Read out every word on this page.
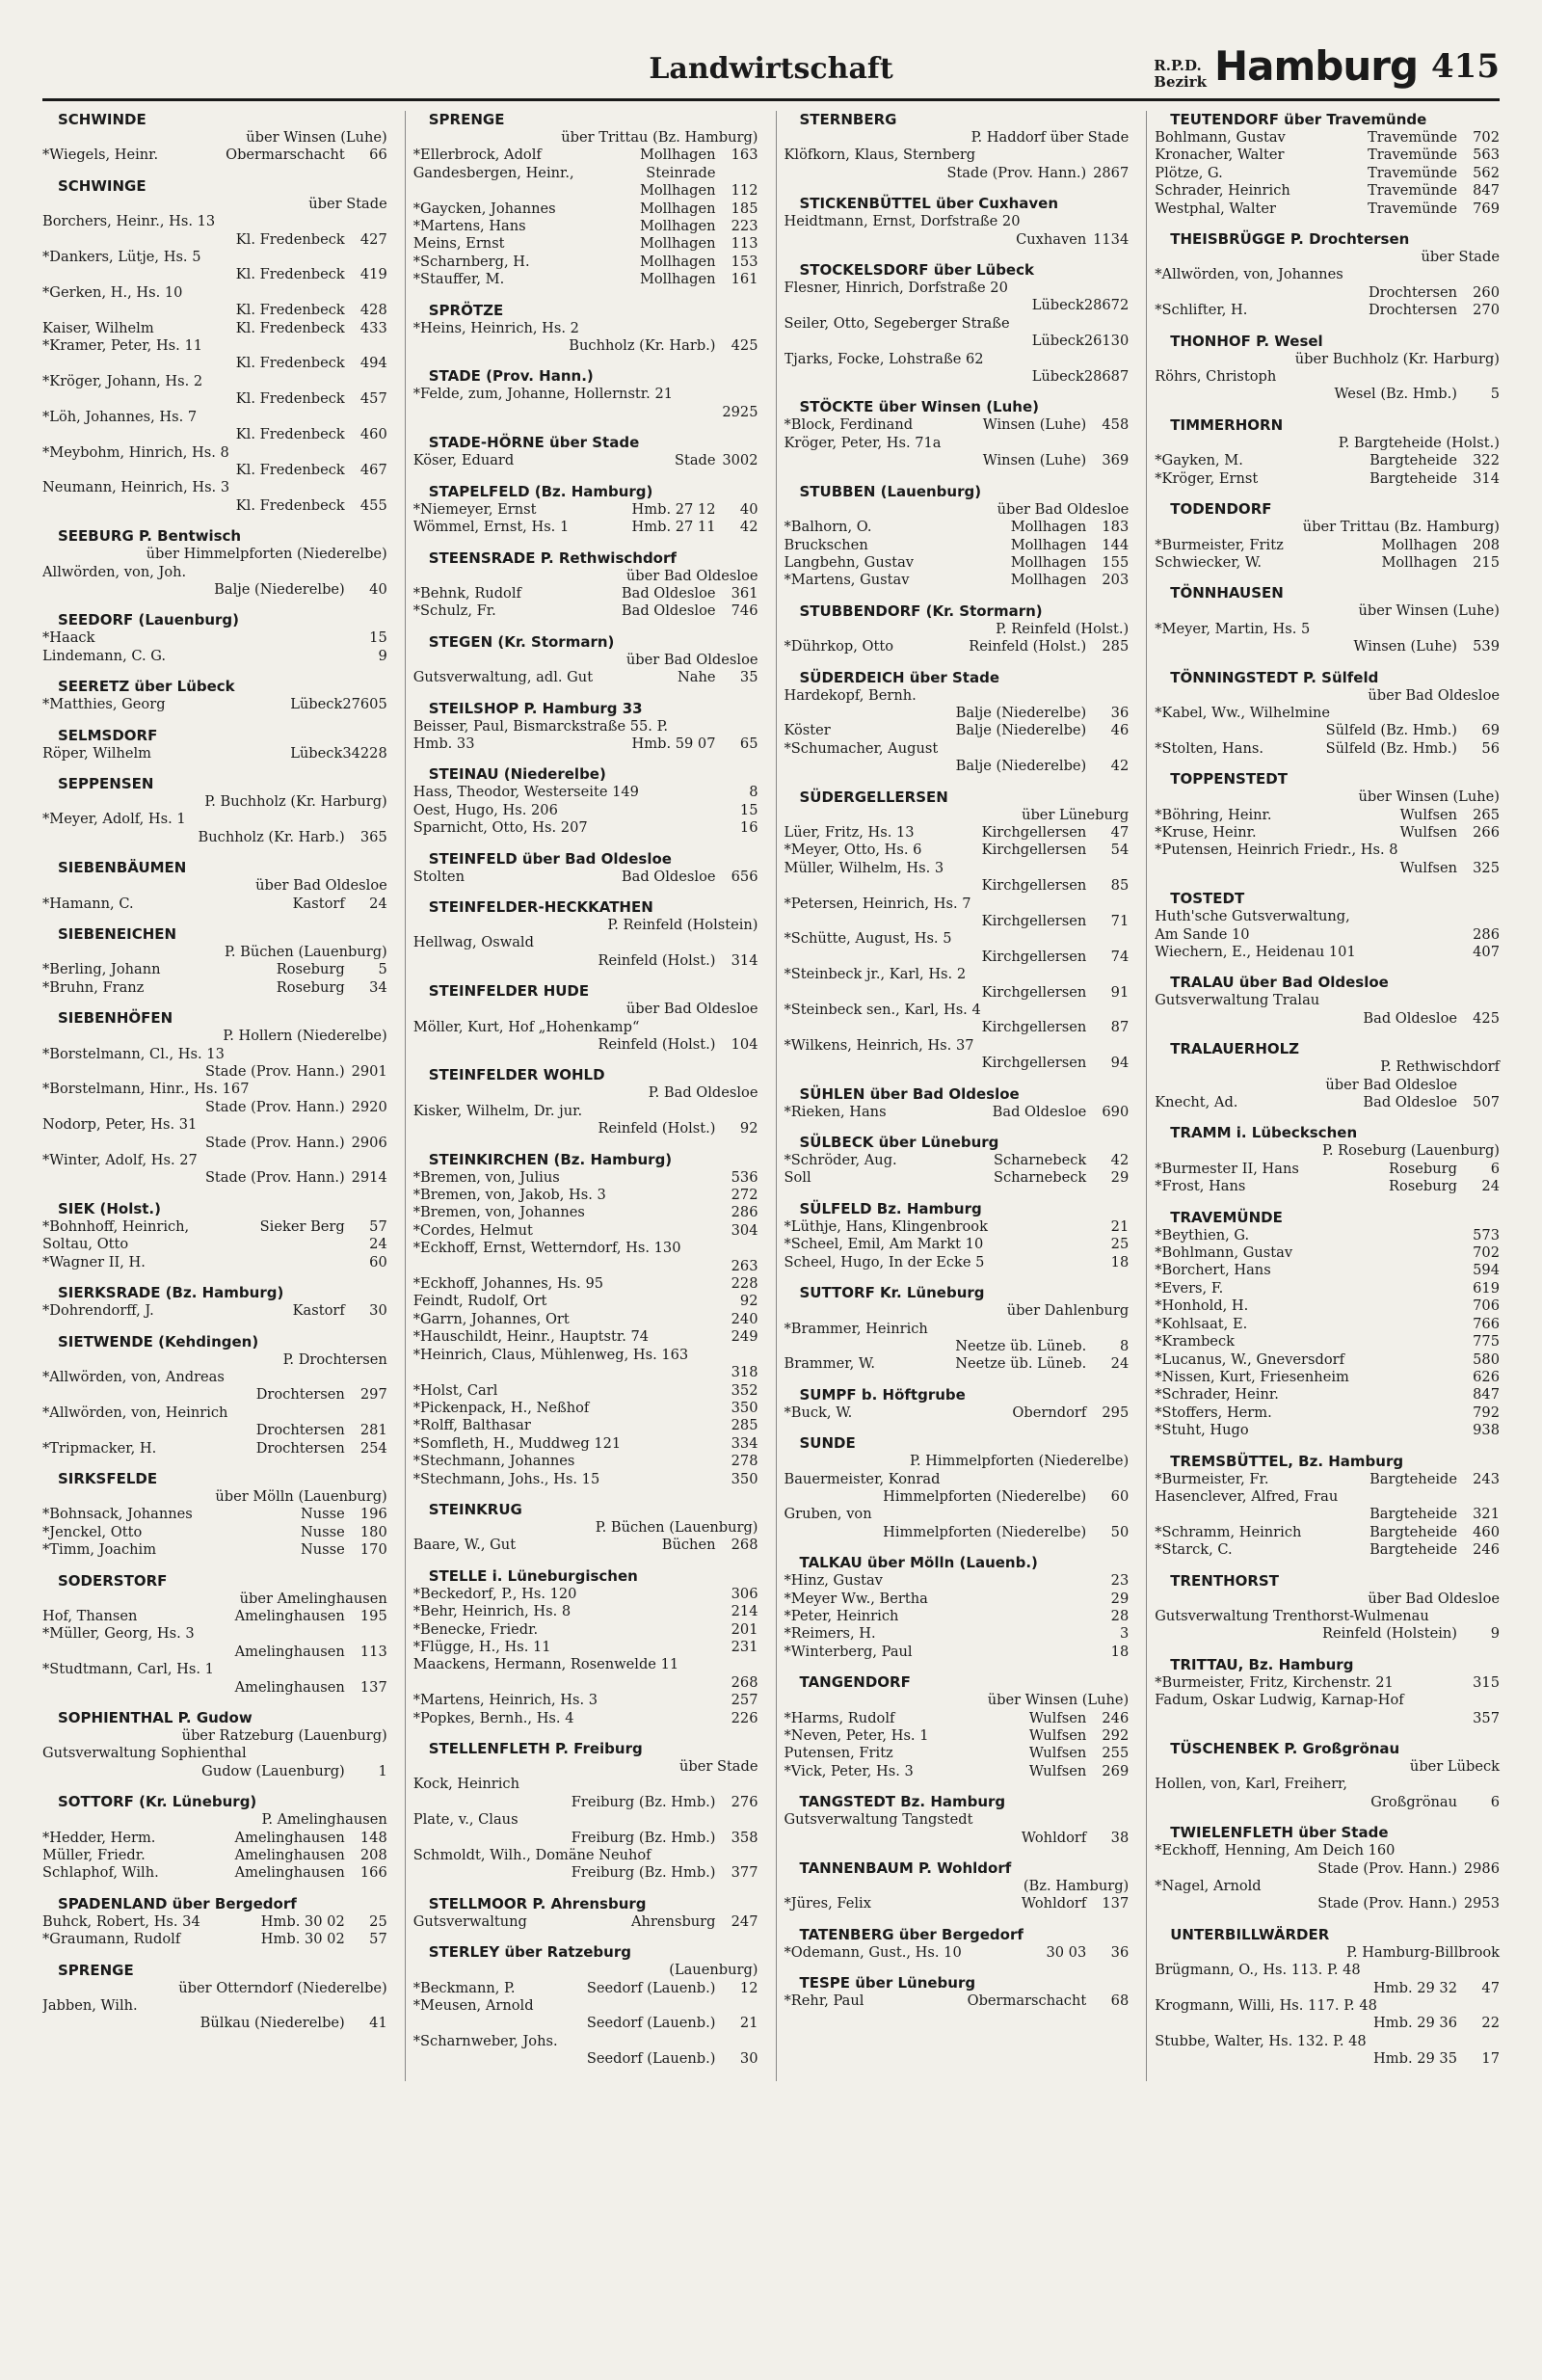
Landwirtschaft	R.P.D.
Bezirk Hamburg 415
SCHWINDE
über Winsen (Luhe)
*Wiegels, Heinr.	Obermarschacht	66
SCHWINGE
über Stade
Borchers, Heinr., Hs. 13
Kl. Fredenbeck	427
*Dankers, Lütje, Hs. 5
Kl. Fredenbeck	419
*Gerken, H., Hs. 10
Kl. Fredenbeck	428
Kaiser, Wilhelm	Kl. Fredenbeck	433
*Kramer, Peter, Hs. 11
Kl. Fredenbeck	494
*Kröger, Johann, Hs. 2
Kl. Fredenbeck	457
*Löh, Johannes, Hs. 7
Kl. Fredenbeck	460
*Meybohm, Hinrich, Hs. 8
Kl. Fredenbeck	467
Neumann, Heinrich, Hs. 3
Kl. Fredenbeck	455
SEEBURG P. Bentwisch
über Himmelpforten (Niederelbe)
Allwörden, von, Joh.
Balje (Niederelbe)	40
SEEDORF (Lauenburg)
*Haack	15
Lindemann, C. G.	9
SEERETZ über Lübeck
*Matthies, Georg	Lübeck 27605
SELMSDORF
Röper, Wilhelm	Lübeck 34228
SEPPENSEN
P. Buchholz (Kr. Harburg)
*Meyer, Adolf, Hs. 1
Buchholz (Kr. Harb.)	365
SIEBENBÄUMEN
über Bad Oldesloe
*Hamann, C.	Kastorf	24
SIEBENEICHEN
P. Büchen (Lauenburg)
*Berling, Johann	Roseburg	5
*Bruhn, Franz	Roseburg	34
SIEBENHÖFEN
P. Hollern (Niederelbe)
*Borstelmann, Cl., Hs. 13
Stade (Prov. Hann.) 2901
*Borstelmann, Hinr., Hs. 167
Stade (Prov. Hann.) 2920
Nodorp, Peter, Hs. 31
Stade (Prov. Hann.) 2906
*Winter, Adolf, Hs. 27
Stade (Prov. Hann.) 2914
SIEK (Holst.)
*Bohnhoff, Heinrich,	Sieker Berg	57
Soltau, Otto	24
*Wagner II, H.	60
SIERKSRADE (Bz. Hamburg)
*Dohrendorff, J.	Kastorf	30
SIETWENDE (Kehdingen)
P. Drochtersen
*Allwörden, von, Andreas
Drochtersen	297
*Allwörden, von, Heinrich
Drochtersen	281
*Tripmacker, H.	Drochtersen	254
SIRKSFELDE
über Mölln (Lauenburg)
*Bohnsack, Johannes	Nusse	196
*Jenckel, Otto	Nusse	180
*Timm, Joachim	Nusse	170
SODERSTORF
über Amelinghausen
Hof, Thansen	Amelinghausen	195
*Müller, Georg, Hs. 3
Amelinghausen	113
*Studtmann, Carl, Hs. 1
Amelinghausen	137
SOPHIENTHAL P. Gudow
über Ratzeburg (Lauenburg)
Gutsverwaltung Sophienthal
Gudow (Lauenburg)	1
SOTTORF (Kr. Lüneburg)
P. Amelinghausen
*Hedder, Herm.	Amelinghausen	148
Müller, Friedr.	Amelinghausen	208
Schlaphof, Wilh.	Amelinghausen	166
SPADENLAND über Bergedorf
Buhck, Robert, Hs. 34	Hmb. 30 02	25
*Graumann, Rudolf	Hmb. 30 02	57
SPRENGE
über Otterndorf (Niederelbe)
Jabben, Wilh.
Bülkau (Niederelbe)	41
SPRENGE
über Trittau (Bz. Hamburg)
*Ellerbrock, Adolf	Mollhagen	163
Gandesbergen, Heinr.,	Steinrade
Mollhagen	112
*Gaycken, Johannes	Mollhagen	185
*Martens, Hans	Mollhagen	223
Meins, Ernst	Mollhagen	113
*Scharnberg, H.	Mollhagen	153
*Stauffer, M.	Mollhagen	161
SPRÖTZE
*Heins, Heinrich, Hs. 2
Buchholz (Kr. Harb.)	425
STADE (Prov. Hann.)
*Felde, zum, Johanne, Hollernstr. 21
2925
STADE-HÖRNE über Stade
Köser, Eduard	Stade 3002
STAPELFELD (Bz. Hamburg)
*Niemeyer, Ernst	Hmb. 27 12	40
Wömmel, Ernst, Hs. 1	Hmb. 27 11	42
STEENSRADE P. Rethwischdorf
über Bad Oldesloe
*Behnk, Rudolf	Bad Oldesloe	361
*Schulz, Fr.	Bad Oldesloe	746
STEGEN (Kr. Stormarn)
über Bad Oldesloe
Gutsverwaltung, adl. Gut	Nahe	35
STEILSHOP P. Hamburg 33
Beisser, Paul, Bismarckstraße 55. P.
Hmb. 33	Hmb. 59 07	65
STEINAU (Niederelbe)
Hass, Theodor, Westerseite 149	8
Oest, Hugo, Hs. 206	15
Sparnicht, Otto, Hs. 207	16
STEINFELD über Bad Oldesloe
Stolten	Bad Oldesloe	656
STEINFELDER-HECKKATHEN
P. Reinfeld (Holstein)
Hellwag, Oswald
Reinfeld (Holst.)	314
STEINFELDER HUDE
über Bad Oldesloe
Möller, Kurt, Hof „Hohenkamp“
Reinfeld (Holst.)	104
STEINFELDER WOHLD
P. Bad Oldesloe
Kisker, Wilhelm, Dr. jur.
Reinfeld (Holst.)	92
STEINKIRCHEN (Bz. Hamburg)
*Bremen, von, Julius	536
*Bremen, von, Jakob, Hs. 3	272
*Bremen, von, Johannes	286
*Cordes, Helmut	304
*Eckhoff, Ernst, Wetterndorf, Hs. 130
263
*Eckhoff, Johannes, Hs. 95	228
Feindt, Rudolf, Ort	92
*Garrn, Johannes, Ort	240
*Hauschildt, Heinr., Hauptstr. 74	249
*Heinrich, Claus, Mühlenweg, Hs. 163
318
*Holst, Carl	352
*Pickenpack, H., Neßhof	350
*Rolff, Balthasar	285
*Somfleth, H., Muddweg 121	334
*Stechmann, Johannes	278
*Stechmann, Johs., Hs. 15	350
STEINKRUG
P. Büchen (Lauenburg)
Baare, W., Gut	Büchen	268
STELLE i. Lüneburgischen
*Beckedorf, P., Hs. 120	306
*Behr, Heinrich, Hs. 8	214
*Benecke, Friedr.	201
*Flügge, H., Hs. 11	231
Maackens, Hermann, Rosenwelde 11
268
*Martens, Heinrich, Hs. 3	257
*Popkes, Bernh., Hs. 4	226
STELLENFLETH P. Freiburg
über Stade
Kock, Heinrich
Freiburg (Bz. Hmb.)	276
Plate, v., Claus
Freiburg (Bz. Hmb.)	358
Schmoldt, Wilh., Domäne Neuhof
Freiburg (Bz. Hmb.)	377
STELLMOOR P. Ahrensburg
Gutsverwaltung	Ahrensburg	247
STERLEY über Ratzeburg
(Lauenburg)
*Beckmann, P.	Seedorf (Lauenb.)	12
*Meusen, Arnold
Seedorf (Lauenb.)	21
*Scharnweber, Johs.
Seedorf (Lauenb.)	30
STERNBERG
P. Haddorf über Stade
Klöfkorn, Klaus, Sternberg
Stade (Prov. Hann.) 2867
STICKENBÜTTEL über Cuxhaven
Heidtmann, Ernst, Dorfstraße 20
Cuxhaven 1134
STOCKELSDORF über Lübeck
Flesner, Hinrich, Dorfstraße 20
Lübeck 28672
Seiler, Otto, Segeberger Straße
Lübeck 26130
Tjarks, Focke, Lohstraße 62
Lübeck 28687
STÖCKTE über Winsen (Luhe)
*Block, Ferdinand	Winsen (Luhe)	458
Kröger, Peter, Hs. 71a
Winsen (Luhe)	369
STUBBEN (Lauenburg)
über Bad Oldesloe
*Balhorn, O.	Mollhagen	183
Bruckschen	Mollhagen	144
Langbehn, Gustav	Mollhagen	155
*Martens, Gustav	Mollhagen	203
STUBBENDORF (Kr. Stormarn)
P. Reinfeld (Holst.)
*Dührkop, Otto	Reinfeld (Holst.)	285
SÜDERDEICH über Stade
Hardekopf, Bernh.
Balje (Niederelbe)	36
Köster	Balje (Niederelbe)	46
*Schumacher, August
Balje (Niederelbe)	42
SÜDERGELLERSEN
über Lüneburg
Lüer, Fritz, Hs. 13	Kirchgellersen	47
*Meyer, Otto, Hs. 6	Kirchgellersen	54
Müller, Wilhelm, Hs. 3
Kirchgellersen	85
*Petersen, Heinrich, Hs. 7
Kirchgellersen	71
*Schütte, August, Hs. 5
Kirchgellersen	74
*Steinbeck jr., Karl, Hs. 2
Kirchgellersen	91
*Steinbeck sen., Karl, Hs. 4
Kirchgellersen	87
*Wilkens, Heinrich, Hs. 37
Kirchgellersen	94
SÜHLEN über Bad Oldesloe
*Rieken, Hans	Bad Oldesloe	690
SÜLBECK über Lüneburg
*Schröder, Aug.	Scharnebeck	42
Soll	Scharnebeck	29
SÜLFELD Bz. Hamburg
*Lüthje, Hans, Klingenbrook	21
*Scheel, Emil, Am Markt 10	25
Scheel, Hugo, In der Ecke 5	18
SUTTORF Kr. Lüneburg
über Dahlenburg
*Brammer, Heinrich
Neetze üb. Lüneb.	8
Brammer, W.	Neetze üb. Lüneb.	24
SUMPF b. Höftgrube
*Buck, W.	Oberndorf	295
SUNDE
P. Himmelpforten (Niederelbe)
Bauermeister, Konrad
Himmelpforten (Niederelbe)	60
Gruben, von
Himmelpforten (Niederelbe)	50
TALKAU über Mölln (Lauenb.)
*Hinz, Gustav	23
*Meyer Ww., Bertha	29
*Peter, Heinrich	28
*Reimers, H.	3
*Winterberg, Paul	18
TANGENDORF
über Winsen (Luhe)
*Harms, Rudolf	Wulfsen	246
*Neven, Peter, Hs. 1	Wulfsen	292
Putensen, Fritz	Wulfsen	255
*Vick, Peter, Hs. 3	Wulfsen	269
TANGSTEDT Bz. Hamburg
Gutsverwaltung Tangstedt
Wohldorf	38
TANNENBAUM P. Wohldorf
(Bz. Hamburg)
*Jüres, Felix	Wohldorf	137
TATENBERG über Bergedorf
*Odemann, Gust., Hs. 10	30 03	36
TESPE über Lüneburg
*Rehr, Paul	Obermarschacht	68
TEUTENDORF über Travemünde
Bohlmann, Gustav	Travemünde	702
Kronacher, Walter	Travemünde	563
Plötze, G.	Travemünde	562
Schrader, Heinrich	Travemünde	847
Westphal, Walter	Travemünde	769
THEISBRÜGGE P. Drochtersen
über Stade
*Allwörden, von, Johannes
Drochtersen	260
*Schlifter, H.	Drochtersen	270
THONHOF P. Wesel
über Buchholz (Kr. Harburg)
Röhrs, Christoph
Wesel (Bz. Hmb.)	5
TIMMERHORN
P. Bargteheide (Holst.)
*Gayken, M.	Bargteheide	322
*Kröger, Ernst	Bargteheide	314
TODENDORF
über Trittau (Bz. Hamburg)
*Burmeister, Fritz	Mollhagen	208
Schwiecker, W.	Mollhagen	215
TÖNNHAUSEN
über Winsen (Luhe)
*Meyer, Martin, Hs. 5
Winsen (Luhe)	539
TÖNNINGSTEDT P. Sülfeld
über Bad Oldesloe
*Kabel, Ww., Wilhelmine
Sülfeld (Bz. Hmb.)	69
*Stolten, Hans.	Sülfeld (Bz. Hmb.)	56
TOPPENSTEDT
über Winsen (Luhe)
*Böhring, Heinr.	Wulfsen	265
*Kruse, Heinr.	Wulfsen	266
*Putensen, Heinrich Friedr., Hs. 8
Wulfsen	325
TOSTEDT
Huth'sche Gutsverwaltung,
Am Sande 10	286
Wiechern, E., Heidenau 101	407
TRALAU über Bad Oldesloe
Gutsverwaltung Tralau
Bad Oldesloe	425
TRALAUERHOLZ
P. Rethwischdorf
über Bad Oldesloe
Knecht, Ad.	Bad Oldesloe	507
TRAMM i. Lübeckschen
P. Roseburg (Lauenburg)
*Burmester II, Hans	Roseburg	6
*Frost, Hans	Roseburg	24
TRAVEMÜNDE
*Beythien, G.	573
*Bohlmann, Gustav	702
*Borchert, Hans	594
*Evers, F.	619
*Honhold, H.	706
*Kohlsaat, E.	766
*Krambeck	775
*Lucanus, W., Gneversdorf	580
*Nissen, Kurt, Friesenheim	626
*Schrader, Heinr.	847
*Stoffers, Herm.	792
*Stuht, Hugo	938
TREMSBÜTTEL, Bz. Hamburg
*Burmeister, Fr.	Bargteheide	243
Hasenclever, Alfred, Frau
Bargteheide	321
*Schramm, Heinrich	Bargteheide	460
*Starck, C.	Bargteheide	246
TRENTHORST
über Bad Oldesloe
Gutsverwaltung Trenthorst-Wulmenau
Reinfeld (Holstein)	9
TRITTAU, Bz. Hamburg
*Burmeister, Fritz, Kirchenstr. 21	315
Fadum, Oskar Ludwig, Karnap-Hof
357
TÜSCHENBEK P. Großgrönau
über Lübeck
Hollen, von, Karl, Freiherr,
Großgrönau	6
TWIELENFLETH über Stade
*Eckhoff, Henning, Am Deich 160
Stade (Prov. Hann.) 2986
*Nagel, Arnold
Stade (Prov. Hann.) 2953
UNTERBILLWÄRDER
P. Hamburg-Billbrook
Brügmann, O., Hs. 113. P. 48
Hmb. 29 32	47
Krogmann, Willi, Hs. 117. P. 48
Hmb. 29 36	22
Stubbe, Walter, Hs. 132. P. 48
Hmb. 29 35	17
